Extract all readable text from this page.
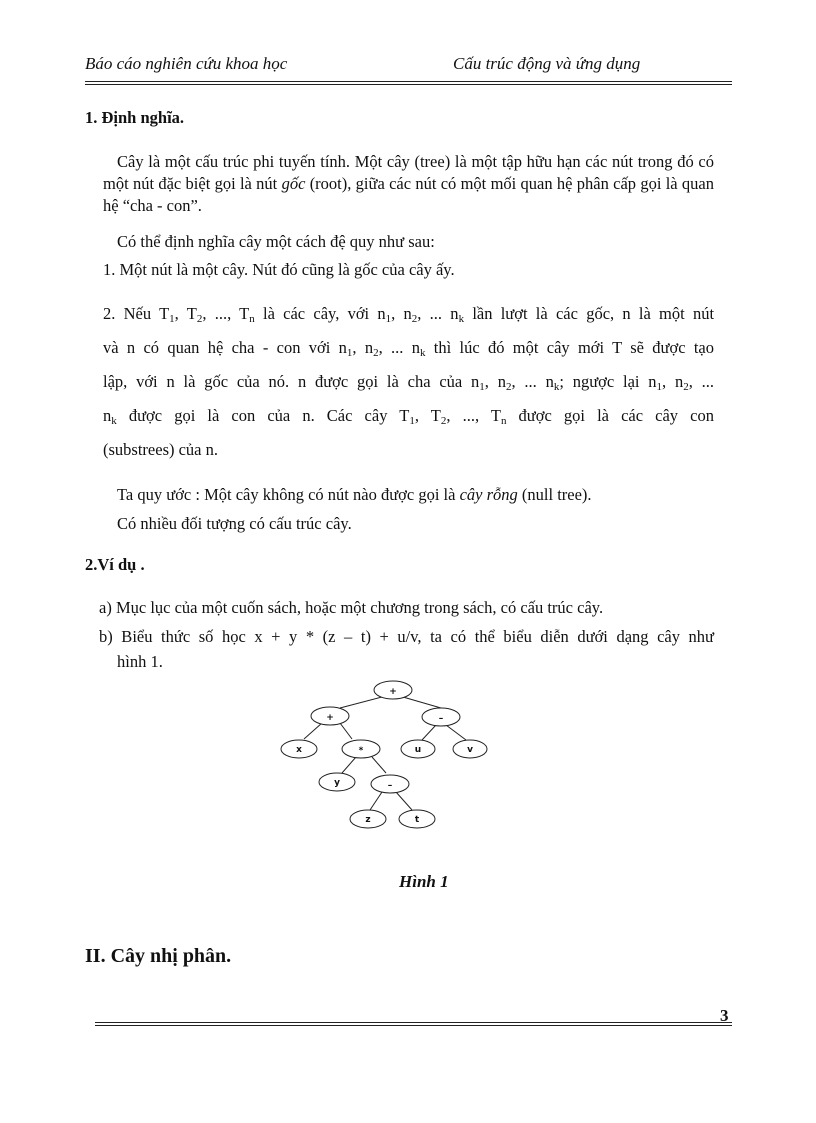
Báo cáo nghiên cứu khoa học	Cấu trúc động và ứng dụng
1. Định nghĩa.
Cây là một cấu trúc phi tuyến tính. Một cây (tree) là một tập hữu hạn các nút trong đó có một nút đặc biệt gọi là nút gốc (root), giữa các nút có một mối quan hệ phân cấp gọi là quan hệ “cha - con”.
Có thể định nghĩa cây một cách đệ quy như sau:
1. Một nút là một cây. Nút đó cũng là gốc của cây ấy.
2. Nếu $T_1$, $T_2$, ..., $T_n$ là các cây, với $n_1$, $n_2$, ... $n_k$ lần lượt là các gốc, n là một nút
và n có quan hệ cha - con với $n_1$, $n_2$, ... $n_k$ thì lúc đó một cây mới T sẽ được tạo
lập, với n là gốc của nó. n được gọi là cha của $n_1$, $n_2$, ... $n_k$; ngược lại $n_1$, $n_2$, ...
$n_k$ được gọi là con của n. Các cây $T_1$, $T_2$, ..., $T_n$ được gọi là các cây con
(substrees) của n.
Ta quy ước : Một cây không có nút nào được gọi là cây rỗng (null tree).
Có nhiều đối tượng có cấu trúc cây.
2.Ví dụ .
a) Mục lục của một cuốn sách, hoặc một chương trong sách, có cấu trúc cây.
b) Biểu thức số học x + y * (z – t) + u/v, ta có thể biểu diễn dưới dạng cây như
hình 1.
+
+	–
x	*	u	v
y	–
z	t
Hình 1
II. Cây nhị phân.
3
